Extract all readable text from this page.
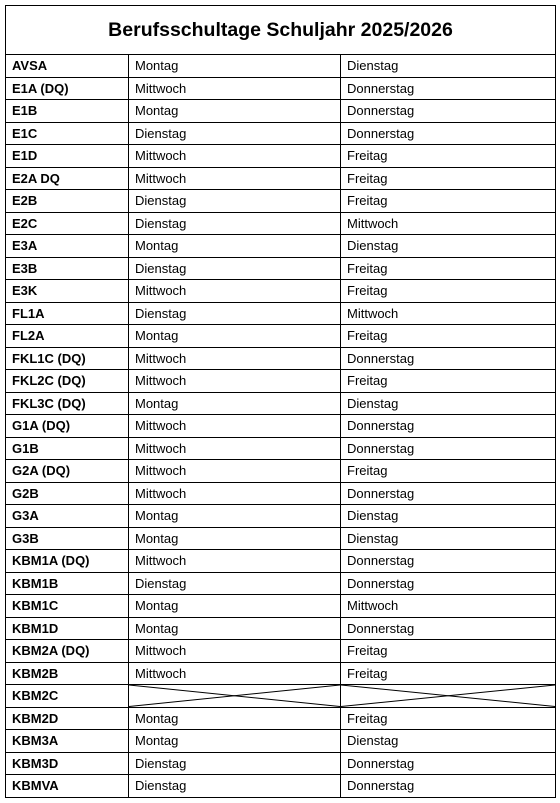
Berufsschultage Schuljahr 2025/2026		
AVSA	Montag	Dienstag
E1A (DQ)	Mittwoch	Donnerstag
E1B	Montag	Donnerstag
E1C	Dienstag	Donnerstag
E1D	Mittwoch	Freitag
E2A DQ	Mittwoch	Freitag
E2B	Dienstag	Freitag
E2C	Dienstag	Mittwoch
E3A	Montag	Dienstag
E3B	Dienstag	Freitag
E3K	Mittwoch	Freitag
FL1A	Dienstag	Mittwoch
FL2A	Montag	Freitag
FKL1C (DQ)	Mittwoch	Donnerstag
FKL2C (DQ)	Mittwoch	Freitag
FKL3C (DQ)	Montag	Dienstag
G1A (DQ)	Mittwoch	Donnerstag
G1B	Mittwoch	Donnerstag
G2A (DQ)	Mittwoch	Freitag
G2B	Mittwoch	Donnerstag
G3A	Montag	Dienstag
G3B	Montag	Dienstag
KBM1A (DQ)	Mittwoch	Donnerstag
KBM1B	Dienstag	Donnerstag
KBM1C	Montag	Mittwoch
KBM1D	Montag	Donnerstag
KBM2A (DQ)	Mittwoch	Freitag
KBM2B	Mittwoch	Freitag
KBM2C	

KBM2D	Montag	Freitag
KBM3A	Montag	Dienstag
KBM3D	Dienstag	Donnerstag
KBMVA	Dienstag	Donnerstag
